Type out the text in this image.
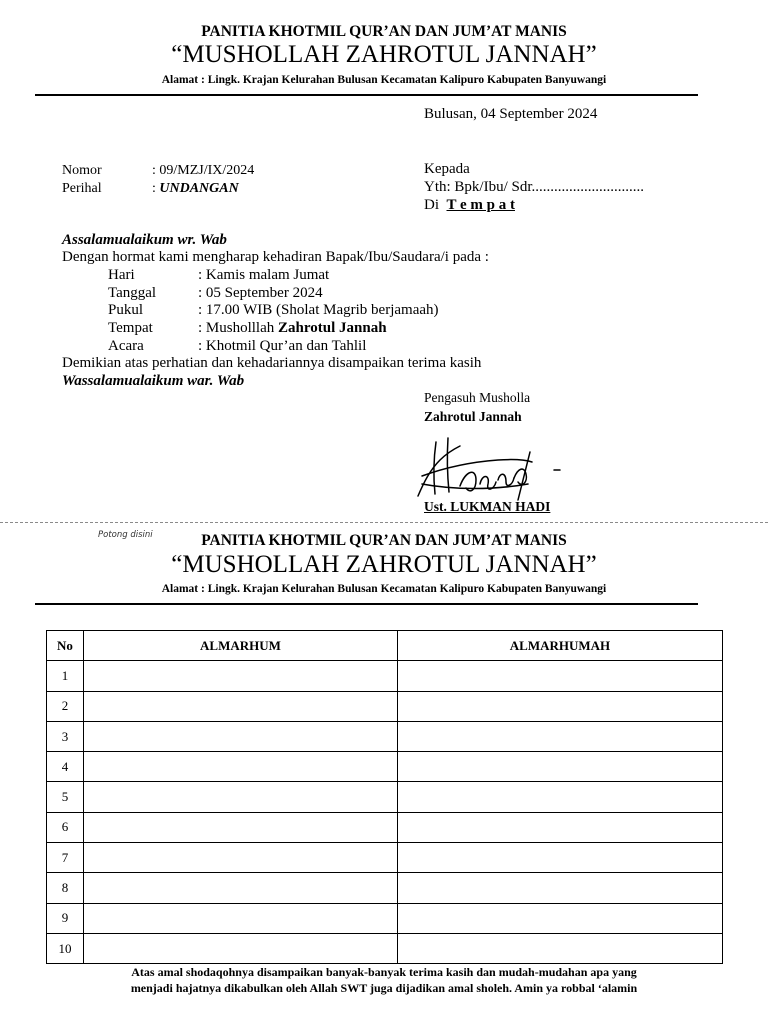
PANITIA KHOTMIL QUR’AN DAN JUM’AT MANIS
“MUSHOLLAH ZAHROTUL JANNAH”
Alamat : Lingk. Krajan Kelurahan Bulusan Kecamatan Kalipuro Kabupaten Banyuwangi
Bulusan, 04 September 2024
Nomor	: 09/MZJ/IX/2024
Perihal	: UNDANGAN
Kepada
Yth: Bpk/Ibu/ Sdr..............................
Di T e m p a t
Assalamualaikum wr. Wab
Dengan hormat kami mengharap kehadiran Bapak/Ibu/Saudara/i pada :
Hari	: Kamis malam Jumat
Tanggal	: 05 September 2024
Pukul	: 17.00 WIB (Sholat Magrib berjamaah)
Tempat	: Musholllah Zahrotul Jannah
Acara	: Khotmil Qur’an dan Tahlil
Demikian atas perhatian dan kehadariannya disampaikan terima kasih
Wassalamualaikum war. Wab
Pengasuh Musholla
Zahrotul Jannah
Ust. LUKMAN HADI
Potong disini	PANITIA KHOTMIL QUR’AN DAN JUM’AT MANIS
“MUSHOLLAH ZAHROTUL JANNAH”
Alamat : Lingk. Krajan Kelurahan Bulusan Kecamatan Kalipuro Kabupaten Banyuwangi
No	ALMARHUM	ALMARHUMAH
1		
2		
3		
4		
5		
6		
7		
8		
9		
10		
Atas amal shodaqohnya disampaikan banyak-banyak terima kasih dan mudah-mudahan apa yang
menjadi hajatnya dikabulkan oleh Allah SWT juga dijadikan amal sholeh. Amin ya robbal ‘alamin
